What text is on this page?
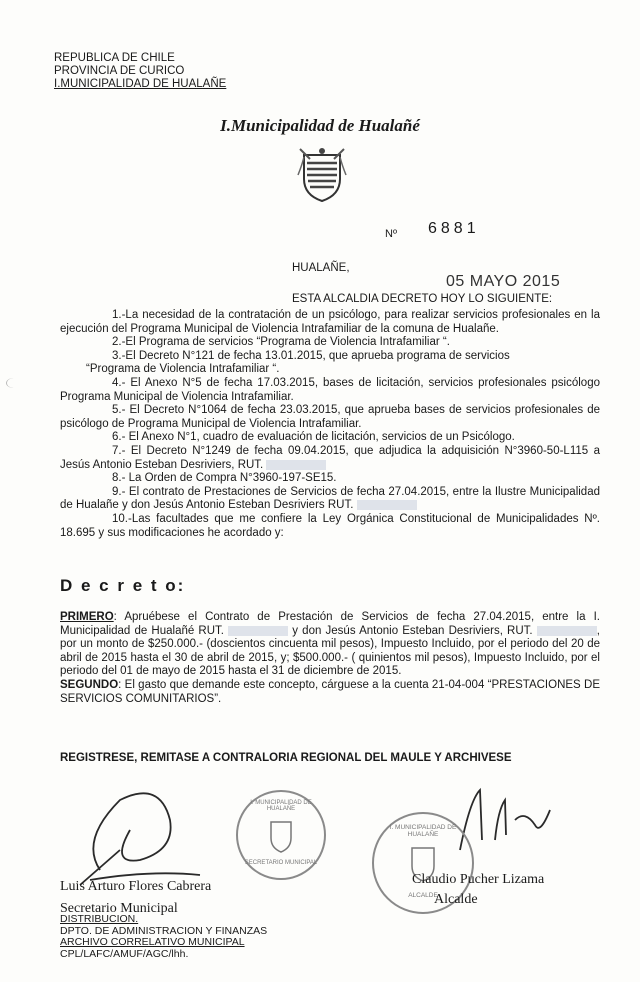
REPUBLICA DE CHILE
PROVINCIA DE CURICO
I.MUNICIPALIDAD DE HUALAÑE
I.Municipalidad de Hualañé
Nº 6881
HUALAÑE,
05 MAYO 2015
ESTA ALCALDIA DECRETO HOY LO SIGUIENTE:

1.-La necesidad de la contratación de un psicólogo, para realizar servicios profesionales en la ejecución del Programa Municipal de Violencia Intrafamiliar de la comuna de Hualañe.

2.-El Programa de servicios “Programa de Violencia Intrafamiliar “.

3.-El Decreto N°121 de fecha 13.01.2015, que aprueba programa de servicios

“Programa de Violencia Intrafamiliar “.

4.- El Anexo N°5 de fecha 17.03.2015, bases de licitación, servicios profesionales psicólogo Programa Municipal de Violencia Intrafamiliar.

5.- El Decreto N°1064 de fecha 23.03.2015, que aprueba bases de servicios profesionales de psicólogo de Programa Municipal de Violencia Intrafamiliar.

6.- El Anexo N°1, cuadro de evaluación de licitación, servicios de un Psicólogo.

7.- El Decreto N°1249 de fecha 09.04.2015, que adjudica la adquisición N°3960-50-L115 a Jesús Antonio Esteban Desriviers, RUT.

8.- La Orden de Compra N°3960-197-SE15.

9.- El contrato de Prestaciones de Servicios de fecha 27.04.2015, entre la Ilustre Municipalidad de Hualañe y don Jesús Antonio Esteban Desriviers RUT.

10.-Las facultades que me confiere la Ley Orgánica Constitucional de Municipalidades Nº. 18.695 y sus modificaciones he acordado y:

D e c r e t o:

PRIMERO: Apruébese el Contrato de Prestación de Servicios de fecha 27.04.2015, entre la I. Municipalidad de Hualañé RUT.	y don Jesús Antonio Esteban Desriviers, RUT.	, por un monto de $250.000.- (doscientos cincuenta mil pesos), Impuesto Incluido, por el periodo del 20 de abril de 2015 hasta el 30 de abril de 2015, y; $500.000.- ( quinientos mil pesos), Impuesto Incluido, por el periodo del 01 de mayo de 2015 hasta el 31 de diciembre de 2015.

SEGUNDO: El gasto que demande este concepto, cárguese a la cuenta 21-04-004 “PRESTACIONES DE SERVICIOS COMUNITARIOS”.

REGISTRESE, REMITASE A CONTRALORIA REGIONAL DEL MAULE Y ARCHIVESE
I. MUNICIPALIDAD DE HUALAÑE
SECRETARIO MUNICIPAL
I. MUNICIPALIDAD DE HUALAÑE
ALCALDE
Luis Arturo Flores Cabrera
Secretario Municipal
Claudio Pucher Lizama
Alcalde
DISTRIBUCION.
DPTO. DE ADMINISTRACION Y FINANZAS
ARCHIVO CORRELATIVO MUNICIPAL
CPL/LAFC/AMUF/AGC/lhh.
